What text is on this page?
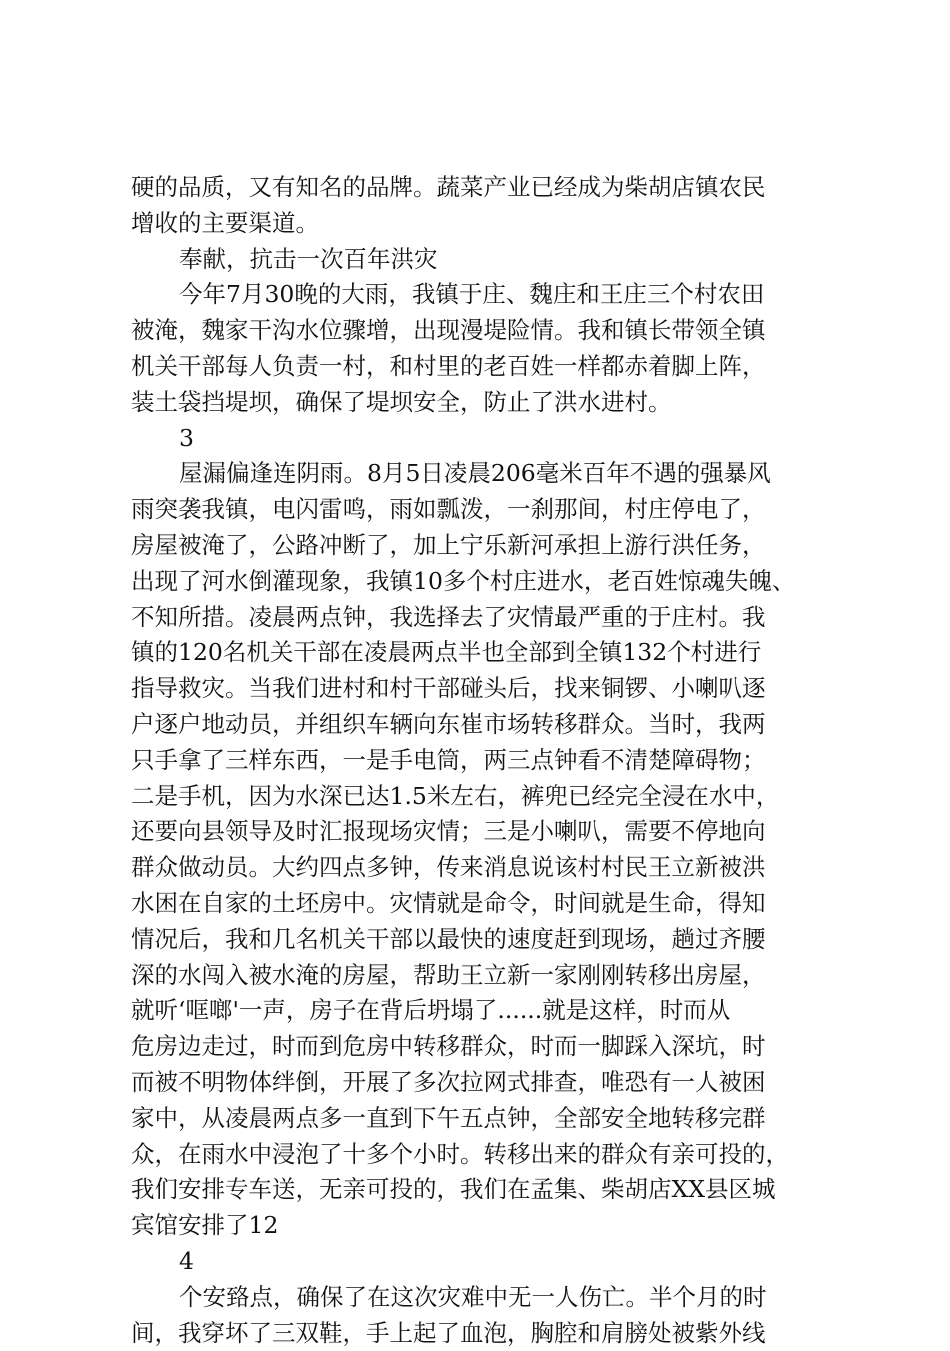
硬的品质，又有知名的品牌。蔬菜产业已经成为柴胡店镇农民
增收的主要渠道。
奉献，抗击一次百年洪灾
今年7月30晚的大雨，我镇于庄、魏庄和王庄三个村农田
被淹，魏家干沟水位骤增，出现漫堤险情。我和镇长带领全镇
机关干部每人负责一村，和村里的老百姓一样都赤着脚上阵，
装土袋挡堤坝，确保了堤坝安全，防止了洪水进村。
3
屋漏偏逢连阴雨。8月5日凌晨206毫米百年不遇的强暴风
雨突袭我镇，电闪雷鸣，雨如瓢泼，一刹那间，村庄停电了，
房屋被淹了，公路冲断了，加上宁乐新河承担上游行洪任务，
出现了河水倒灌现象，我镇10多个村庄进水，老百姓惊魂失魄、
不知所措。凌晨两点钟，我选择去了灾情最严重的于庄村。我
镇的120名机关干部在凌晨两点半也全部到全镇132个村进行
指导救灾。当我们进村和村干部碰头后，找来铜锣、小喇叭逐
户逐户地动员，并组织车辆向东崔市场转移群众。当时，我两
只手拿了三样东西，一是手电筒，两三点钟看不清楚障碍物；
二是手机，因为水深已达1.5米左右，裤兜已经完全浸在水中，
还要向县领导及时汇报现场灾情；三是小喇叭，需要不停地向
群众做动员。大约四点多钟，传来消息说该村村民王立新被洪
水困在自家的土坯房中。灾情就是命令，时间就是生命，得知
情况后，我和几名机关干部以最快的速度赶到现场，趟过齐腰
深的水闯入被水淹的房屋，帮助王立新一家刚刚转移出房屋，
就听‘哐啷'一声，房子在背后坍塌了......就是这样，时而从
危房边走过，时而到危房中转移群众，时而一脚踩入深坑，时
而被不明物体绊倒，开展了多次拉网式排查，唯恐有一人被困
家中，从凌晨两点多一直到下午五点钟，全部安全地转移完群
众，在雨水中浸泡了十多个小时。转移出来的群众有亲可投的，
我们安排专车送，无亲可投的，我们在孟集、柴胡店XX县区城
宾馆安排了12
4
个安臵点，确保了在这次灾难中无一人伤亡。半个月的时
间，我穿坏了三双鞋，手上起了血泡，胸腔和肩膀处被紫外线
